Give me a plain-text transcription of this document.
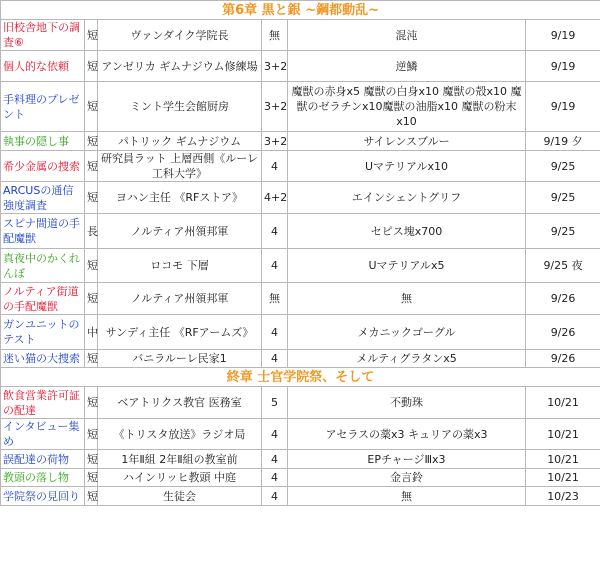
第6章 黒と銀 ~鋼都動乱~					
旧校舎地下の調査⑥	短	ヴァンダイク学院長	無	混沌	9/19
個人的な依頼	短	アンゼリカ ギムナジウム修練場	3+2	逆鱗	9/19
手料理のプレゼント	短	ミント学生会館厨房	3+2	魔獣の赤身x5 魔獣の白身x10 魔獣の殻x10 魔獣のゼラチンx10魔獣の油脂x10 魔獣の粉末x10	9/19
執事の隠し事	短	パトリック ギムナジウム	3+2	サイレンスブルー	9/19 夕
希少金属の捜索	短	研究員ラット 上層西側《ルーレ工科大学》	4	Uマテリアルx10	9/25
ARCUSの通信強度調査	短	ヨハン主任 《RFストア》	4+2	エインシェントグリフ	9/25
スピナ間道の手配魔獣	長	ノルティア州領邦軍	4	セピス塊x700	9/25
真夜中のかくれんぼ	短	ロコモ 下層	4	Uマテリアルx5	9/25 夜
ノルティア街道の手配魔獣	短	ノルティア州領邦軍	無	無	9/26
ガンユニットのテスト	中	サンディ主任 《RFアームズ》	4	メカニックゴーグル	9/26
迷い猫の大捜索	短	バニラルーレ民家1	4	メルティグラタンx5	9/26
終章 士官学院祭、そして					
飲食営業許可証の配達	短	ベアトリクス教官 医務室	5	不動珠	10/21
インタビュー集め	短	《トリスタ放送》ラジオ局	4	アセラスの薬x3 キュリアの薬x3	10/21
誤配達の荷物	短	1年Ⅱ組 2年Ⅱ組の教室前	4	EPチャージⅢx3	10/21
教頭の落し物	短	ハインリッヒ教頭 中庭	4	金言鈴	10/21
学院祭の見回り	短	生徒会	4	無	10/23
